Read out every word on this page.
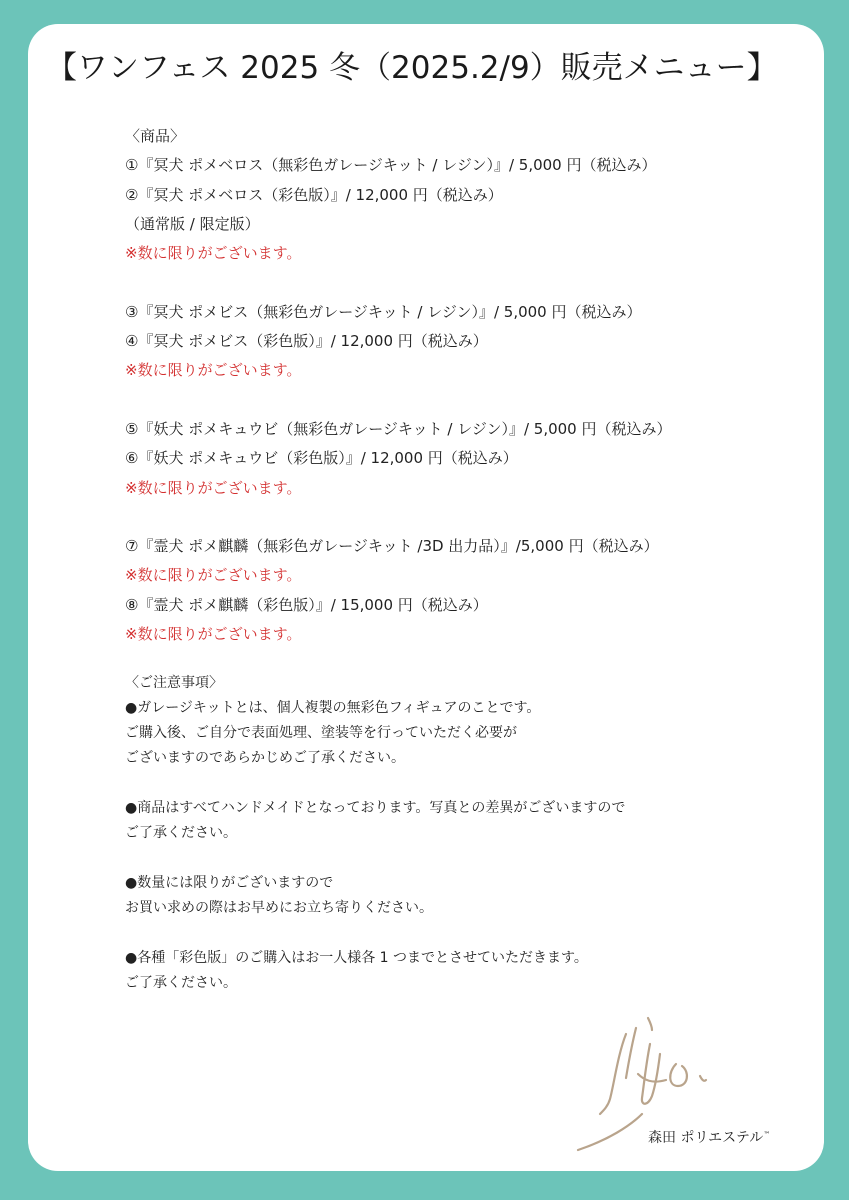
【ワンフェス 2025 冬（2025.2/9）販売メニュー】
〈商品〉
①『冥犬 ポメベロス（無彩色ガレージキット / レジン）』/ 5,000 円（税込み）
②『冥犬 ポメベロス（彩色版）』/ 12,000 円（税込み）
（通常版 / 限定版）
※数に限りがございます。
③『冥犬 ポメビス（無彩色ガレージキット / レジン）』/ 5,000 円（税込み）
④『冥犬 ポメビス（彩色版）』/ 12,000 円（税込み）
※数に限りがございます。
⑤『妖犬 ポメキュウビ（無彩色ガレージキット / レジン）』/ 5,000 円（税込み）
⑥『妖犬 ポメキュウビ（彩色版）』/ 12,000 円（税込み）
※数に限りがございます。
⑦『霊犬 ポメ麒麟（無彩色ガレージキット /3D 出力品）』/5,000 円（税込み）
※数に限りがございます。
⑧『霊犬 ポメ麒麟（彩色版）』/ 15,000 円（税込み）
※数に限りがございます。
〈ご注意事項〉
●ガレージキットとは、個人複製の無彩色フィギュアのことです。
ご購入後、ご自分で表面処理、塗装等を行っていただく必要が
ございますのであらかじめご了承ください。
●商品はすべてハンドメイドとなっております。写真との差異がございますので
ご了承ください。
●数量には限りがございますので
お買い求めの際はお早めにお立ち寄りください。
●各種「彩色版」のご購入はお一人様各 1 つまでとさせていただきます。
ご了承ください。
森田 ポリエステル™
